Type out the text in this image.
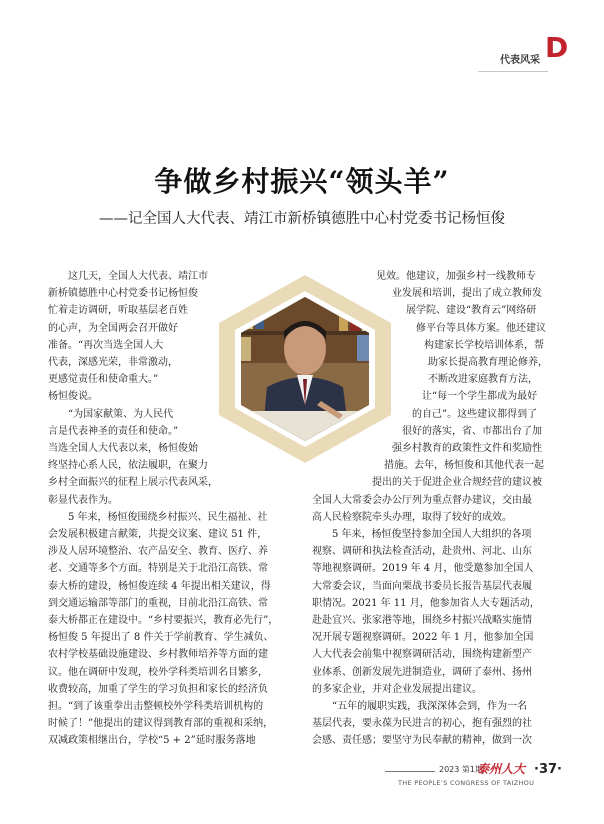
代表风采 D
争做乡村振兴“领头羊”
——记全国人大代表、靖江市新桥镇德胜中心村党委书记杨恒俊

这几天，全国人大代表、靖江市
新桥镇德胜中心村党委书记杨恒俊
忙着走访调研，听取基层老百姓
的心声，为全国两会召开做好
准备。“再次当选全国人大
代表，深感光荣，非常激动，
更感觉责任和使命重大。”
杨恒俊说。
“为国家献策、为人民代
言是代表神圣的责任和使命。”
当选全国人大代表以来，杨恒俊始
终坚持心系人民，依法履职，在聚力
乡村全面振兴的征程上展示代表风采，
彰显代表作为。
5 年来，杨恒俊围绕乡村振兴、民生福祉、社
会发展积极建言献策，共提交议案、建议 51 件，
涉及人居环境整治、农产品安全、教育、医疗、养
老、交通等多个方面。特别是关于北沿江高铁、常
泰大桥的建设，杨恒俊连续 4 年提出相关建议，得
到交通运输部等部门的重视，目前北沿江高铁、常
泰大桥都正在建设中。“乡村要振兴，教育必先行”，
杨恒俊 5 年提出了 8 件关于学前教育、学生减负、
农村学校基础设施建设、乡村教师培养等方面的建
议。他在调研中发现，校外学科类培训名目繁多，
收费较高，加重了学生的学习负担和家长的经济负
担。“到了该重拳出击整顿校外学科类培训机构的
时候了！”他提出的建议得到教育部的重视和采纳，
双减政策相继出台，学校“5 + 2”延时服务落地

见效。他建议，加强乡村一线教师专
业发展和培训，提出了成立教师发
展学院、建设“教育云”网络研
修平台等具体方案。他还建议
构建家长学校培训体系，帮
助家长提高教育理论修养，
不断改进家庭教育方法，
让“每一个学生都成为最好
的自己”。这些建议都得到了
很好的落实，省、市都出台了加
强乡村教育的政策性文件和奖励性
措施。去年，杨恒俊和其他代表一起
提出的关于促进企业合规经营的建议被
全国人大常委会办公厅列为重点督办建议，交由最
高人民检察院牵头办理，取得了较好的成效。
5 年来，杨恒俊坚持参加全国人大组织的各项
视察、调研和执法检查活动，赴贵州、河北、山东
等地视察调研。2019 年 4 月，他受邀参加全国人
大常委会议，当面向栗战书委员长报告基层代表履
职情况。2021 年 11 月，他参加省人大专题活动，
赴赴宜兴、张家港等地，围绕乡村振兴战略实施情
况开展专题视察调研。2022 年 1 月，他参加全国
人大代表会前集中视察调研活动，围绕构建新型产
业体系、创新发展先进制造业，调研了泰州、扬州
的多家企业，并对企业发展提出建议。
“五年的履职实践，我深深体会到，作为一名
基层代表，要永葆为民进言的初心，抱有强烈的社
会感、责任感；要坚守为民奉献的精神，做到一次

2023 第1期
泰州人大
THE PEOPLE’S CONGRESS OF TAIZHOU
·37·
